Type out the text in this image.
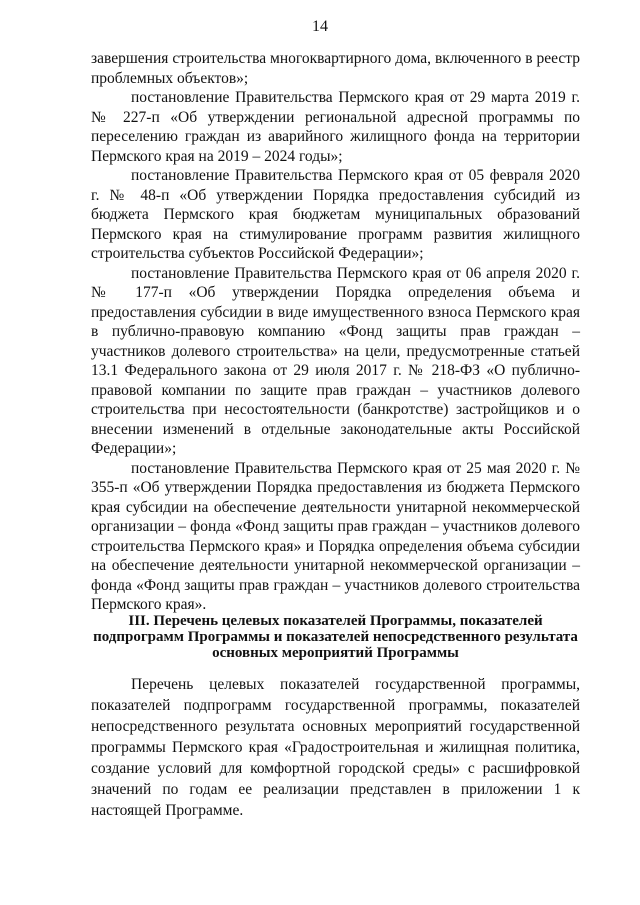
14

завершения строительства многоквартирного дома, включенного в реестр проблемных объектов»;

постановление Правительства Пермского края от 29 марта 2019 г. № 227-п «Об утверждении региональной адресной программы по переселению граждан из аварийного жилищного фонда на территории Пермского края на 2019 – 2024 годы»;

постановление Правительства Пермского края от 05 февраля 2020 г. № 48-п «Об утверждении Порядка предоставления субсидий из бюджета Пермского края бюджетам муниципальных образований Пермского края на стимулирование программ развития жилищного строительства субъектов Российской Федерации»;

постановление Правительства Пермского края от 06 апреля 2020 г. № 177-п «Об утверждении Порядка определения объема и предоставления субсидии в виде имущественного взноса Пермского края в публично-правовую компанию «Фонд защиты прав граждан – участников долевого строительства» на цели, предусмотренные статьей 13.1 Федерального закона от 29 июля 2017 г. № 218-ФЗ «О публично-правовой компании по защите прав граждан – участников долевого строительства при несостоятельности (банкротстве) застройщиков и о внесении изменений в отдельные законодательные акты Российской Федерации»;

постановление Правительства Пермского края от 25 мая 2020 г. № 355-п «Об утверждении Порядка предоставления из бюджета Пермского края субсидии на обеспечение деятельности унитарной некоммерческой организации – фонда «Фонд защиты прав граждан – участников долевого строительства Пермского края» и Порядка определения объема субсидии на обеспечение деятельности унитарной некоммерческой организации – фонда «Фонд защиты прав граждан – участников долевого строительства Пермского края».

III. Перечень целевых показателей Программы, показателей подпрограмм Программы и показателей непосредственного результата основных мероприятий Программы

Перечень целевых показателей государственной программы, показателей подпрограмм государственной программы, показателей непосредственного результата основных мероприятий государственной программы Пермского края «Градостроительная и жилищная политика, создание условий для комфортной городской среды» с расшифровкой значений по годам ее реализации представлен в приложении 1 к настоящей Программе.
